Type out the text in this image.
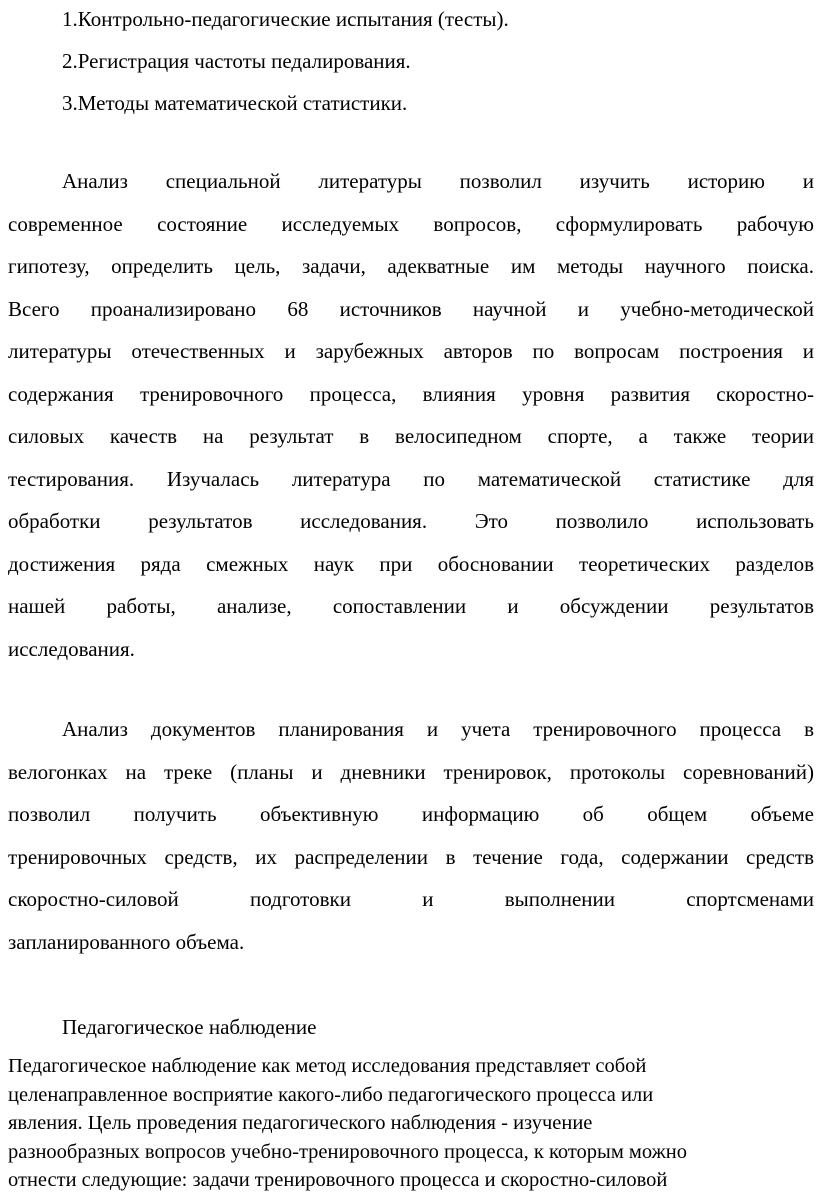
1.Контрольно-педагогические испытания (тесты).
2.Регистрация частоты педалирования.
3.Методы математической статистики.
Анализ специальной литературы позволил изучить историю и
современное состояние исследуемых вопросов, сформулировать рабочую
гипотезу, определить цель, задачи, адекватные им методы научного поиска.
Всего проанализировано 68 источников научной и учебно-методической
литературы отечественных и зарубежных авторов по вопросам построения и
содержания тренировочного процесса, влияния уровня развития скоростно-
силовых качеств на результат в велосипедном спорте, а также теории
тестирования. Изучалась литература по математической статистике для
обработки результатов исследования. Это позволило использовать
достижения ряда смежных наук при обосновании теоретических разделов
нашей работы, анализе, сопоставлении и обсуждении результатов
исследования.
Анализ документов планирования и учета тренировочного процесса в
велогонках на треке (планы и дневники тренировок, протоколы соревнований)
позволил получить объективную информацию об общем объеме
тренировочных средств, их распределении в течение года, содержании средств
скоростно-силовой подготовки и выполнении спортсменами
запланированного объема.
Педагогическое наблюдение
Педагогическое наблюдение как метод исследования представляет собой
целенаправленное восприятие какого-либо педагогического процесса или
явления. Цель проведения педагогического наблюдения - изучение
разнообразных вопросов учебно-тренировочного процесса, к которым можно
отнести следующие: задачи тренировочного процесса и скоростно-силовой
